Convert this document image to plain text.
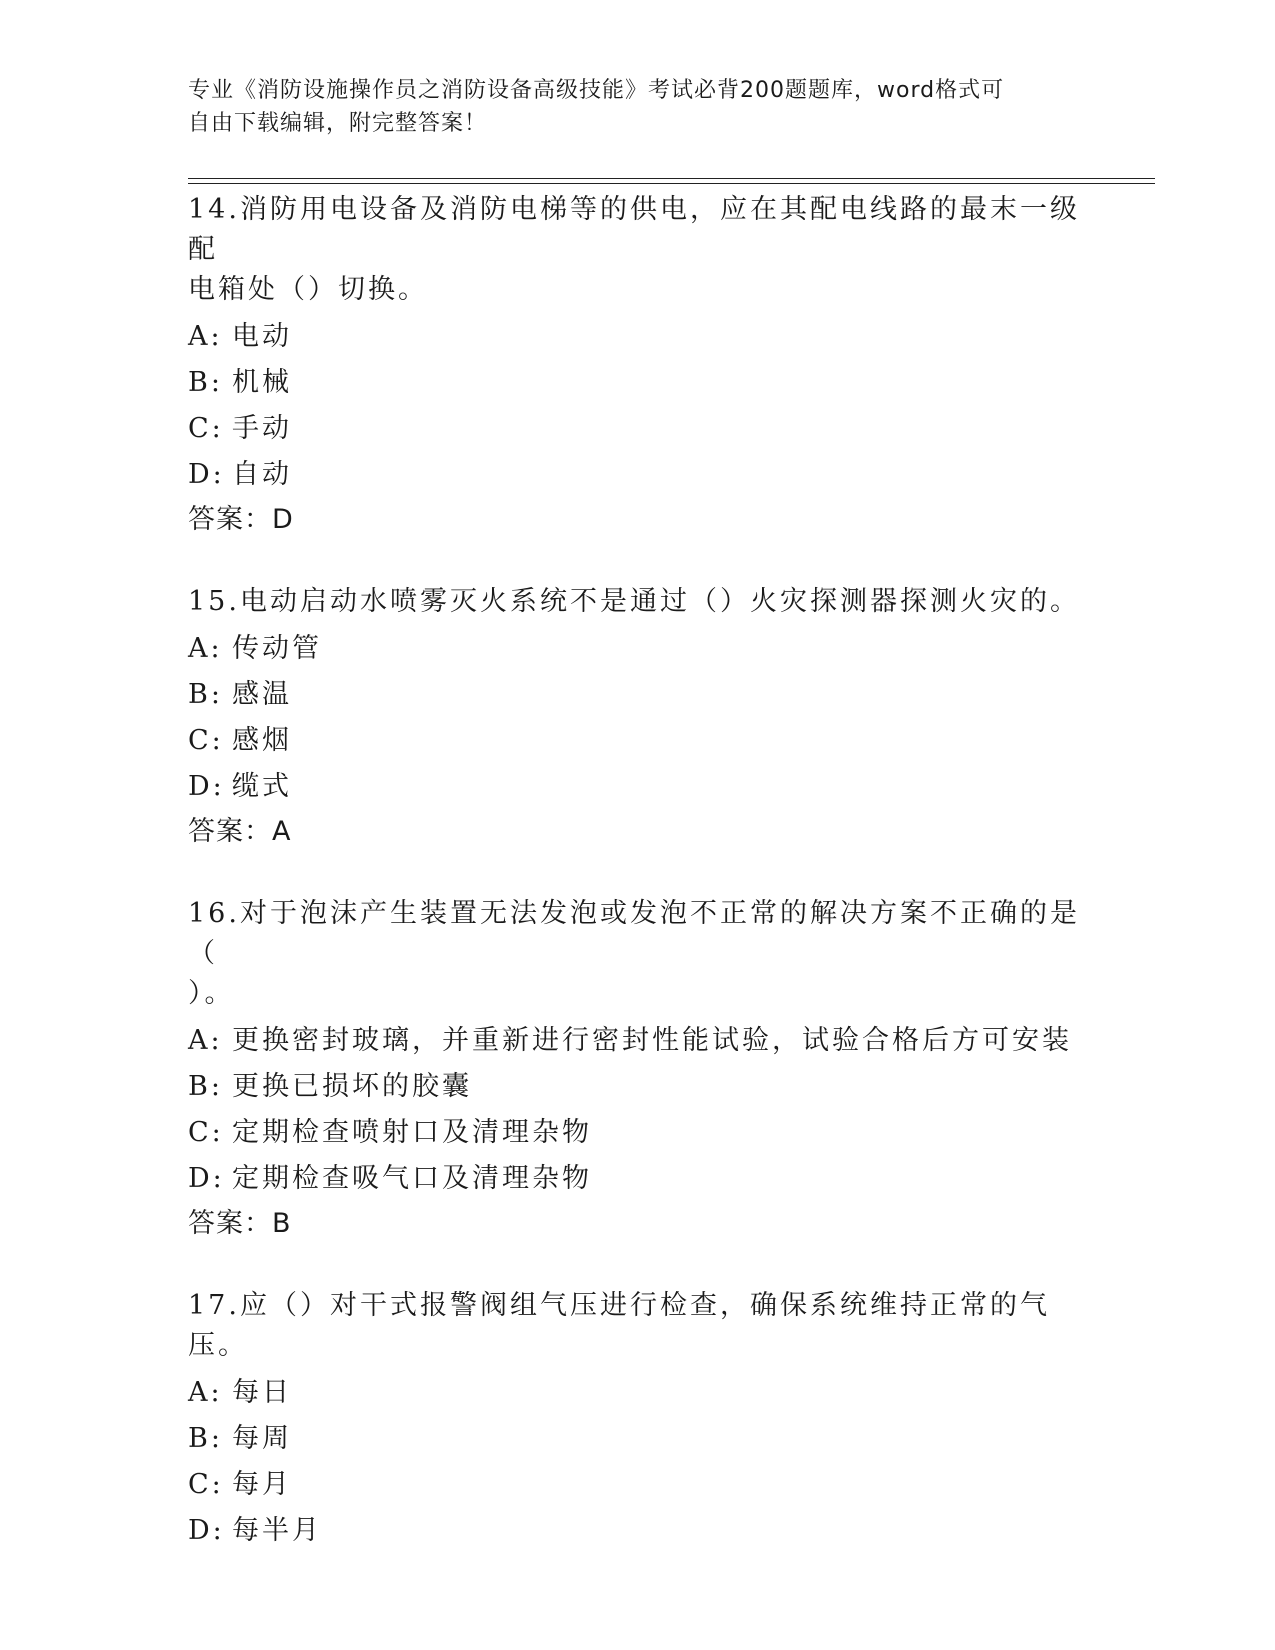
专业《消防设施操作员之消防设备高级技能》考试必背200题题库，word格式可
自由下载编辑，附完整答案！

14.消防用电设备及消防电梯等的供电，应在其配电线路的最末一级配

电箱处（）切换。

A: 电动
B: 机械
C: 手动
D: 自动
答案：D

15.电动启动水喷雾灭火系统不是通过（）火灾探测器探测火灾的。

A: 传动管
B: 感温
C: 感烟
D: 缆式
答案：A

16.对于泡沫产生装置无法发泡或发泡不正常的解决方案不正确的是（

）。

A: 更换密封玻璃，并重新进行密封性能试验，试验合格后方可安装
B: 更换已损坏的胶囊
C: 定期检查喷射口及清理杂物
D: 定期检查吸气口及清理杂物
答案：B

17.应（）对干式报警阀组气压进行检查，确保系统维持正常的气压。

A: 每日
B: 每周
C: 每月
D: 每半月
